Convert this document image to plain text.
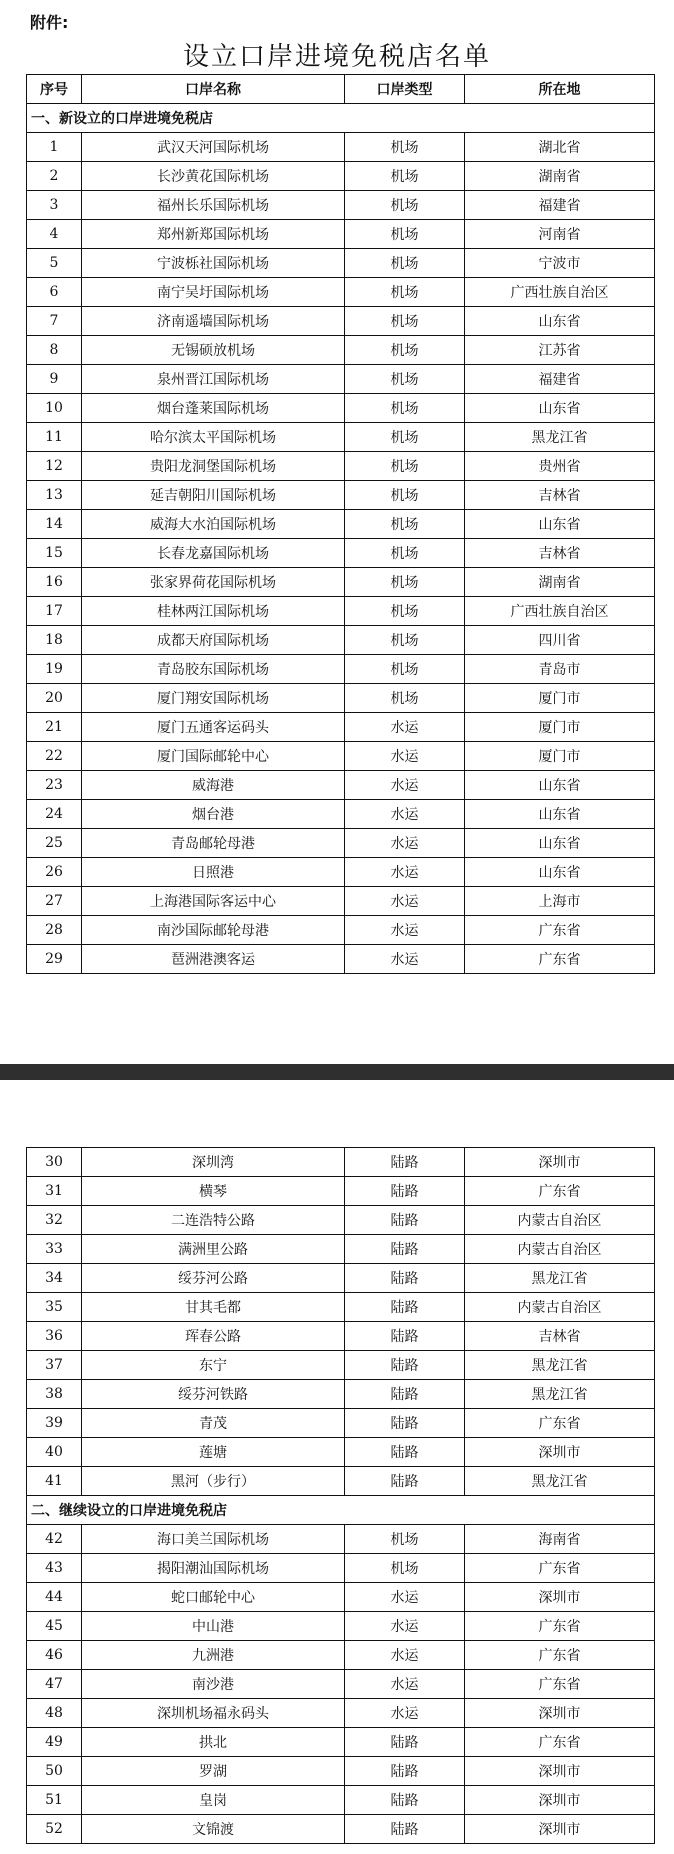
附件:
设立口岸进境免税店名单
序号	口岸名称	口岸类型	所在地
一、新设立的口岸进境免税店			
1	武汉天河国际机场	机场	湖北省
2	长沙黄花国际机场	机场	湖南省
3	福州长乐国际机场	机场	福建省
4	郑州新郑国际机场	机场	河南省
5	宁波栎社国际机场	机场	宁波市
6	南宁吴圩国际机场	机场	广西壮族自治区
7	济南遥墙国际机场	机场	山东省
8	无锡硕放机场	机场	江苏省
9	泉州晋江国际机场	机场	福建省
10	烟台蓬莱国际机场	机场	山东省
11	哈尔滨太平国际机场	机场	黑龙江省
12	贵阳龙洞堡国际机场	机场	贵州省
13	延吉朝阳川国际机场	机场	吉林省
14	威海大水泊国际机场	机场	山东省
15	长春龙嘉国际机场	机场	吉林省
16	张家界荷花国际机场	机场	湖南省
17	桂林两江国际机场	机场	广西壮族自治区
18	成都天府国际机场	机场	四川省
19	青岛胶东国际机场	机场	青岛市
20	厦门翔安国际机场	机场	厦门市
21	厦门五通客运码头	水运	厦门市
22	厦门国际邮轮中心	水运	厦门市
23	威海港	水运	山东省
24	烟台港	水运	山东省
25	青岛邮轮母港	水运	山东省
26	日照港	水运	山东省
27	上海港国际客运中心	水运	上海市
28	南沙国际邮轮母港	水运	广东省
29	琶洲港澳客运	水运	广东省
30	深圳湾	陆路	深圳市
31	横琴	陆路	广东省
32	二连浩特公路	陆路	内蒙古自治区
33	满洲里公路	陆路	内蒙古自治区
34	绥芬河公路	陆路	黑龙江省
35	甘其毛都	陆路	内蒙古自治区
36	珲春公路	陆路	吉林省
37	东宁	陆路	黑龙江省
38	绥芬河铁路	陆路	黑龙江省
39	青茂	陆路	广东省
40	莲塘	陆路	深圳市
41	黑河（步行）	陆路	黑龙江省
二、继续设立的口岸进境免税店			
42	海口美兰国际机场	机场	海南省
43	揭阳潮汕国际机场	机场	广东省
44	蛇口邮轮中心	水运	深圳市
45	中山港	水运	广东省
46	九洲港	水运	广东省
47	南沙港	水运	广东省
48	深圳机场福永码头	水运	深圳市
49	拱北	陆路	广东省
50	罗湖	陆路	深圳市
51	皇岗	陆路	深圳市
52	文锦渡	陆路	深圳市
